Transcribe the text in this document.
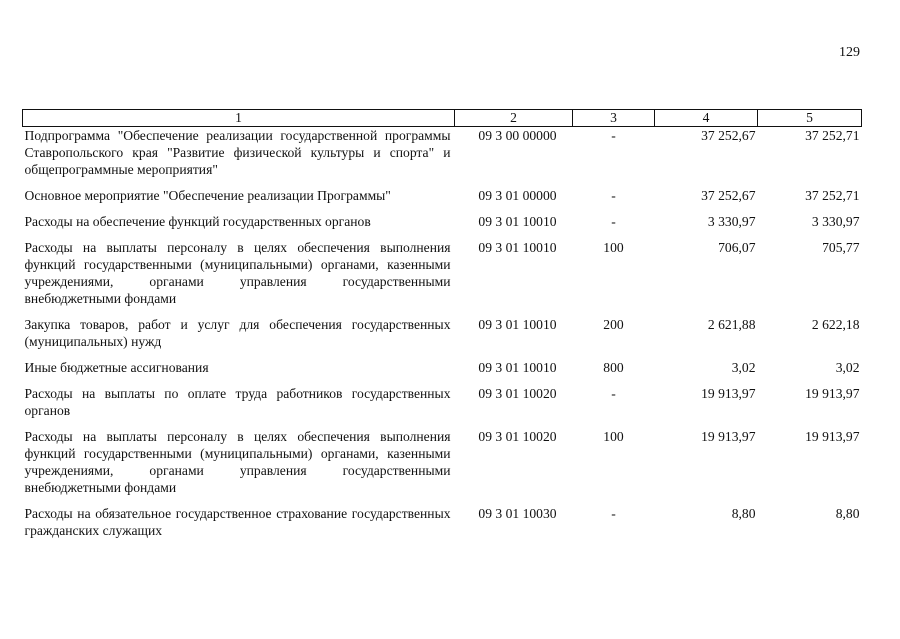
129
1	2	3	4	5
Подпрограмма "Обеспечение реализации государственной программы Ставропольского края "Развитие физической культуры и спорта" и общепрограммные мероприятия"	09 3 00 00000	-	37 252,67	37 252,71

Основное мероприятие "Обеспечение реализации Программы"	09 3 01 00000	-	37 252,67	37 252,71

Расходы на обеспечение функций государственных органов	09 3 01 10010	-	3 330,97	3 330,97

Расходы на выплаты персоналу в целях обеспечения выполнения функций государственными (муниципальными) органами, казенными учреждениями, органами управления государственными внебюджетными фондами	09 3 01 10010	100	706,07	705,77

Закупка товаров, работ и услуг для обеспечения государственных (муниципальных) нужд	09 3 01 10010	200	2 621,88	2 622,18

Иные бюджетные ассигнования	09 3 01 10010	800	3,02	3,02

Расходы на выплаты по оплате труда работников государственных органов	09 3 01 10020	-	19 913,97	19 913,97

Расходы на выплаты персоналу в целях обеспечения выполнения функций государственными (муниципальными) органами, казенными учреждениями, органами управления государственными внебюджетными фондами	09 3 01 10020	100	19 913,97	19 913,97

Расходы на обязательное государственное страхование государственных гражданских служащих	09 3 01 10030	-	8,80	8,80
